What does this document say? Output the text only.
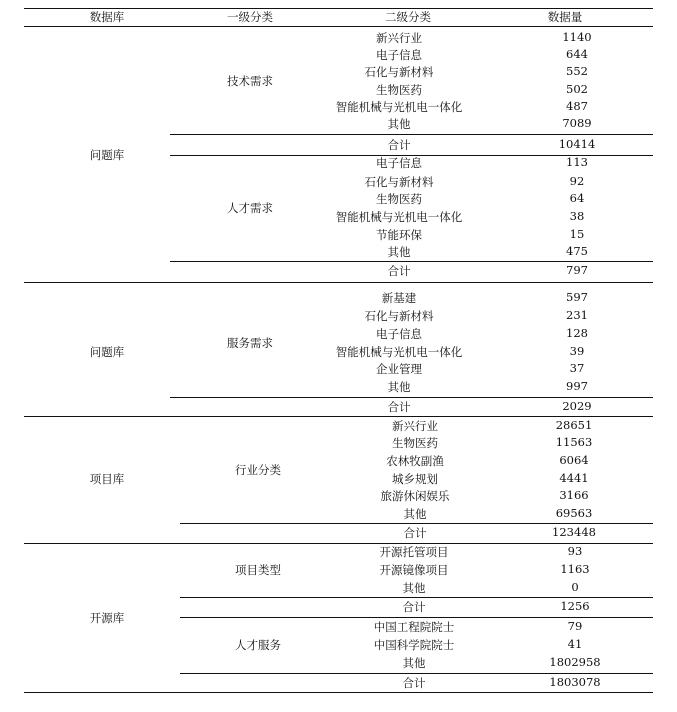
数据库	一级分类	二级分类	数据量
问题库
技术需求
新兴行业	1140
电子信息	644
石化与新材料	552
生物医药	502
智能机械与光机电一体化	487
其他	7089
合计	10414
人才需求
电子信息	113
石化与新材料	92
生物医药	64
智能机械与光机电一体化	38
节能环保	15
其他	475
合计	797
问题库
服务需求
新基建	597
石化与新材料	231
电子信息	128
智能机械与光机电一体化	39
企业管理	37
其他	997
合计	2029
项目库
行业分类
新兴行业	28651
生物医药	11563
农林牧副渔	6064
城乡规划	4441
旅游休闲娱乐	3166
其他	69563
合计	123448
开源库
项目类型
开源托管项目	93
开源镜像项目	1163
其他	0
合计	1256
人才服务
中国工程院院士	79
中国科学院院士	41
其他	1802958
合计	1803078
